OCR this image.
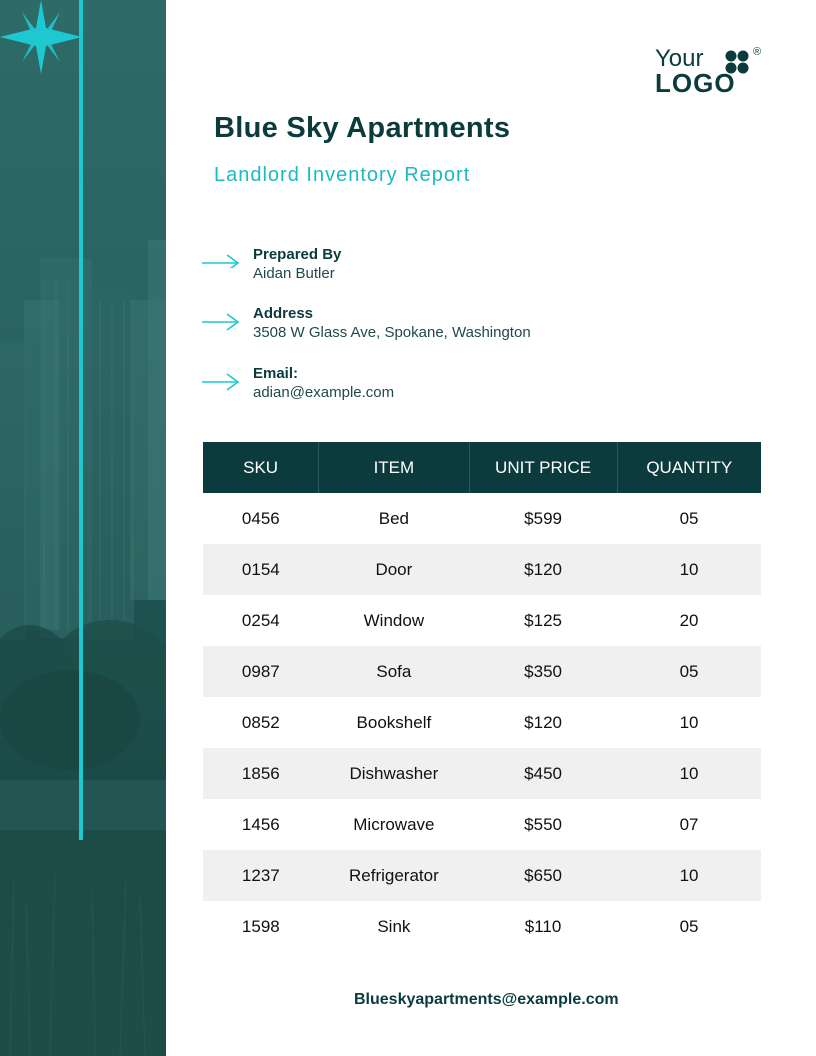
Your	®
LOGO
Blue Sky Apartments
Landlord Inventory Report
Prepared By
Aidan Butler
Address
3508 W Glass Ave, Spokane, Washington
Email:
adian@example.com
SKU	ITEM	UNIT PRICE	QUANTITY
0456	Bed	$599	05
0154	Door	$120	10
0254	Window	$125	20
0987	Sofa	$350	05
0852	Bookshelf	$120	10
1856	Dishwasher	$450	10
1456	Microwave	$550	07
1237	Refrigerator	$650	10
1598	Sink	$110	05
Blueskyapartments@example.com
